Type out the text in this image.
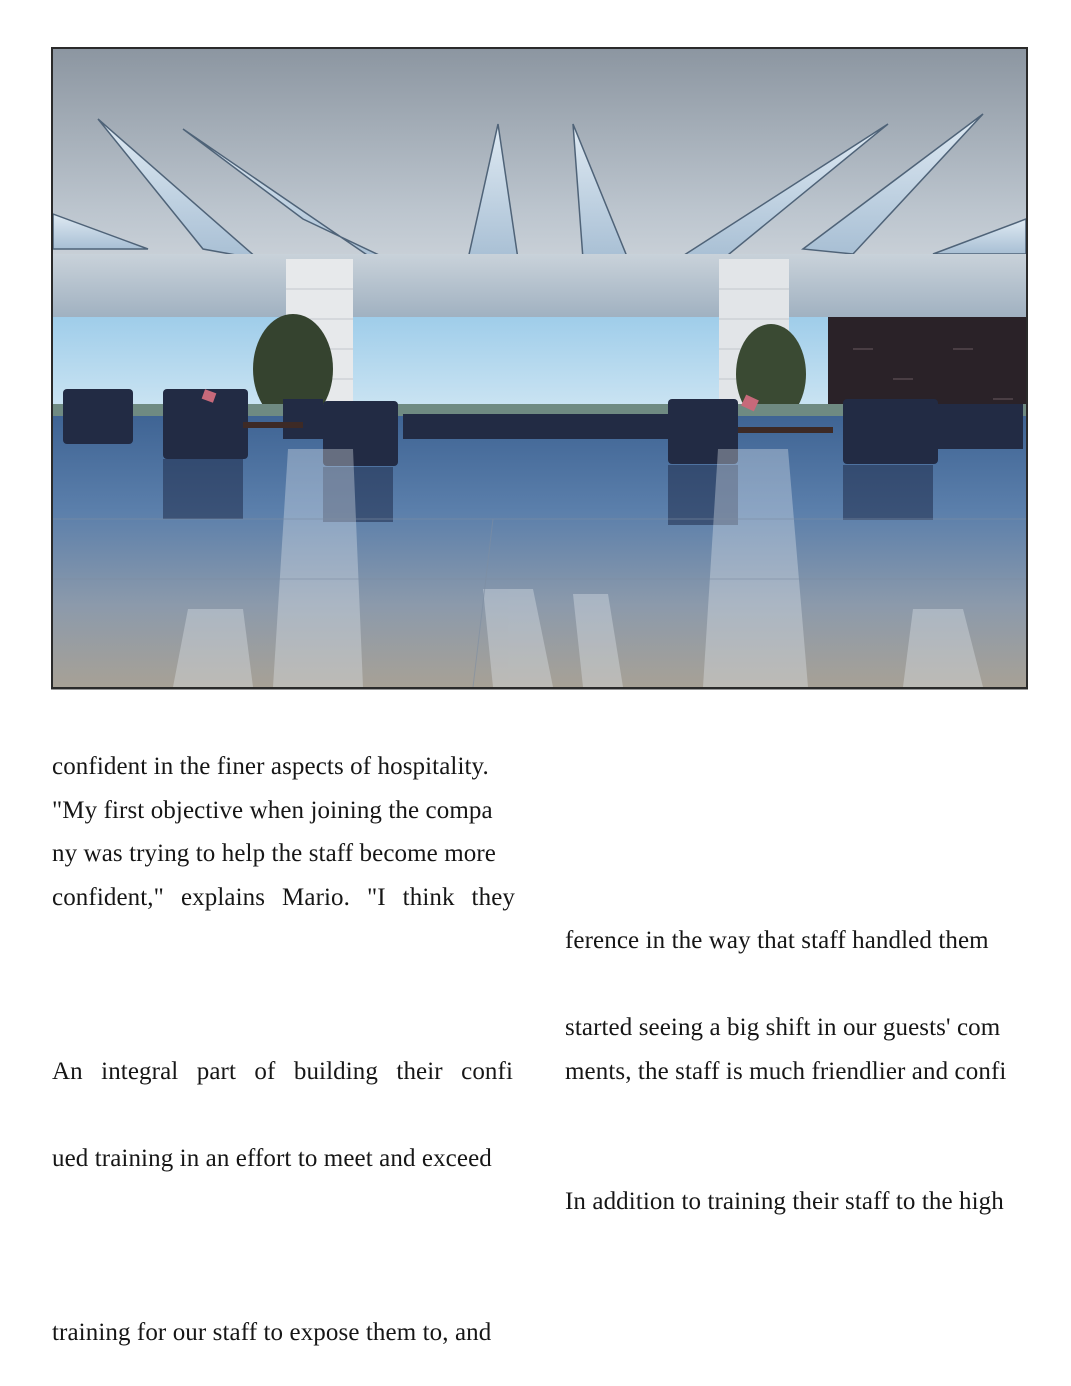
confident in the finer aspects of hospitality.
"My first objective when joining the compa
ny was trying to help the staff become more
confident," explains Mario. "I think they
An integral part of building their confi
ued training in an effort to meet and exceed
training for our staff to expose them to, and
ference in the way that staff handled them
started seeing a big shift in our guests' com
ments, the staff is much friendlier and confi
In addition to training their staff to the high
